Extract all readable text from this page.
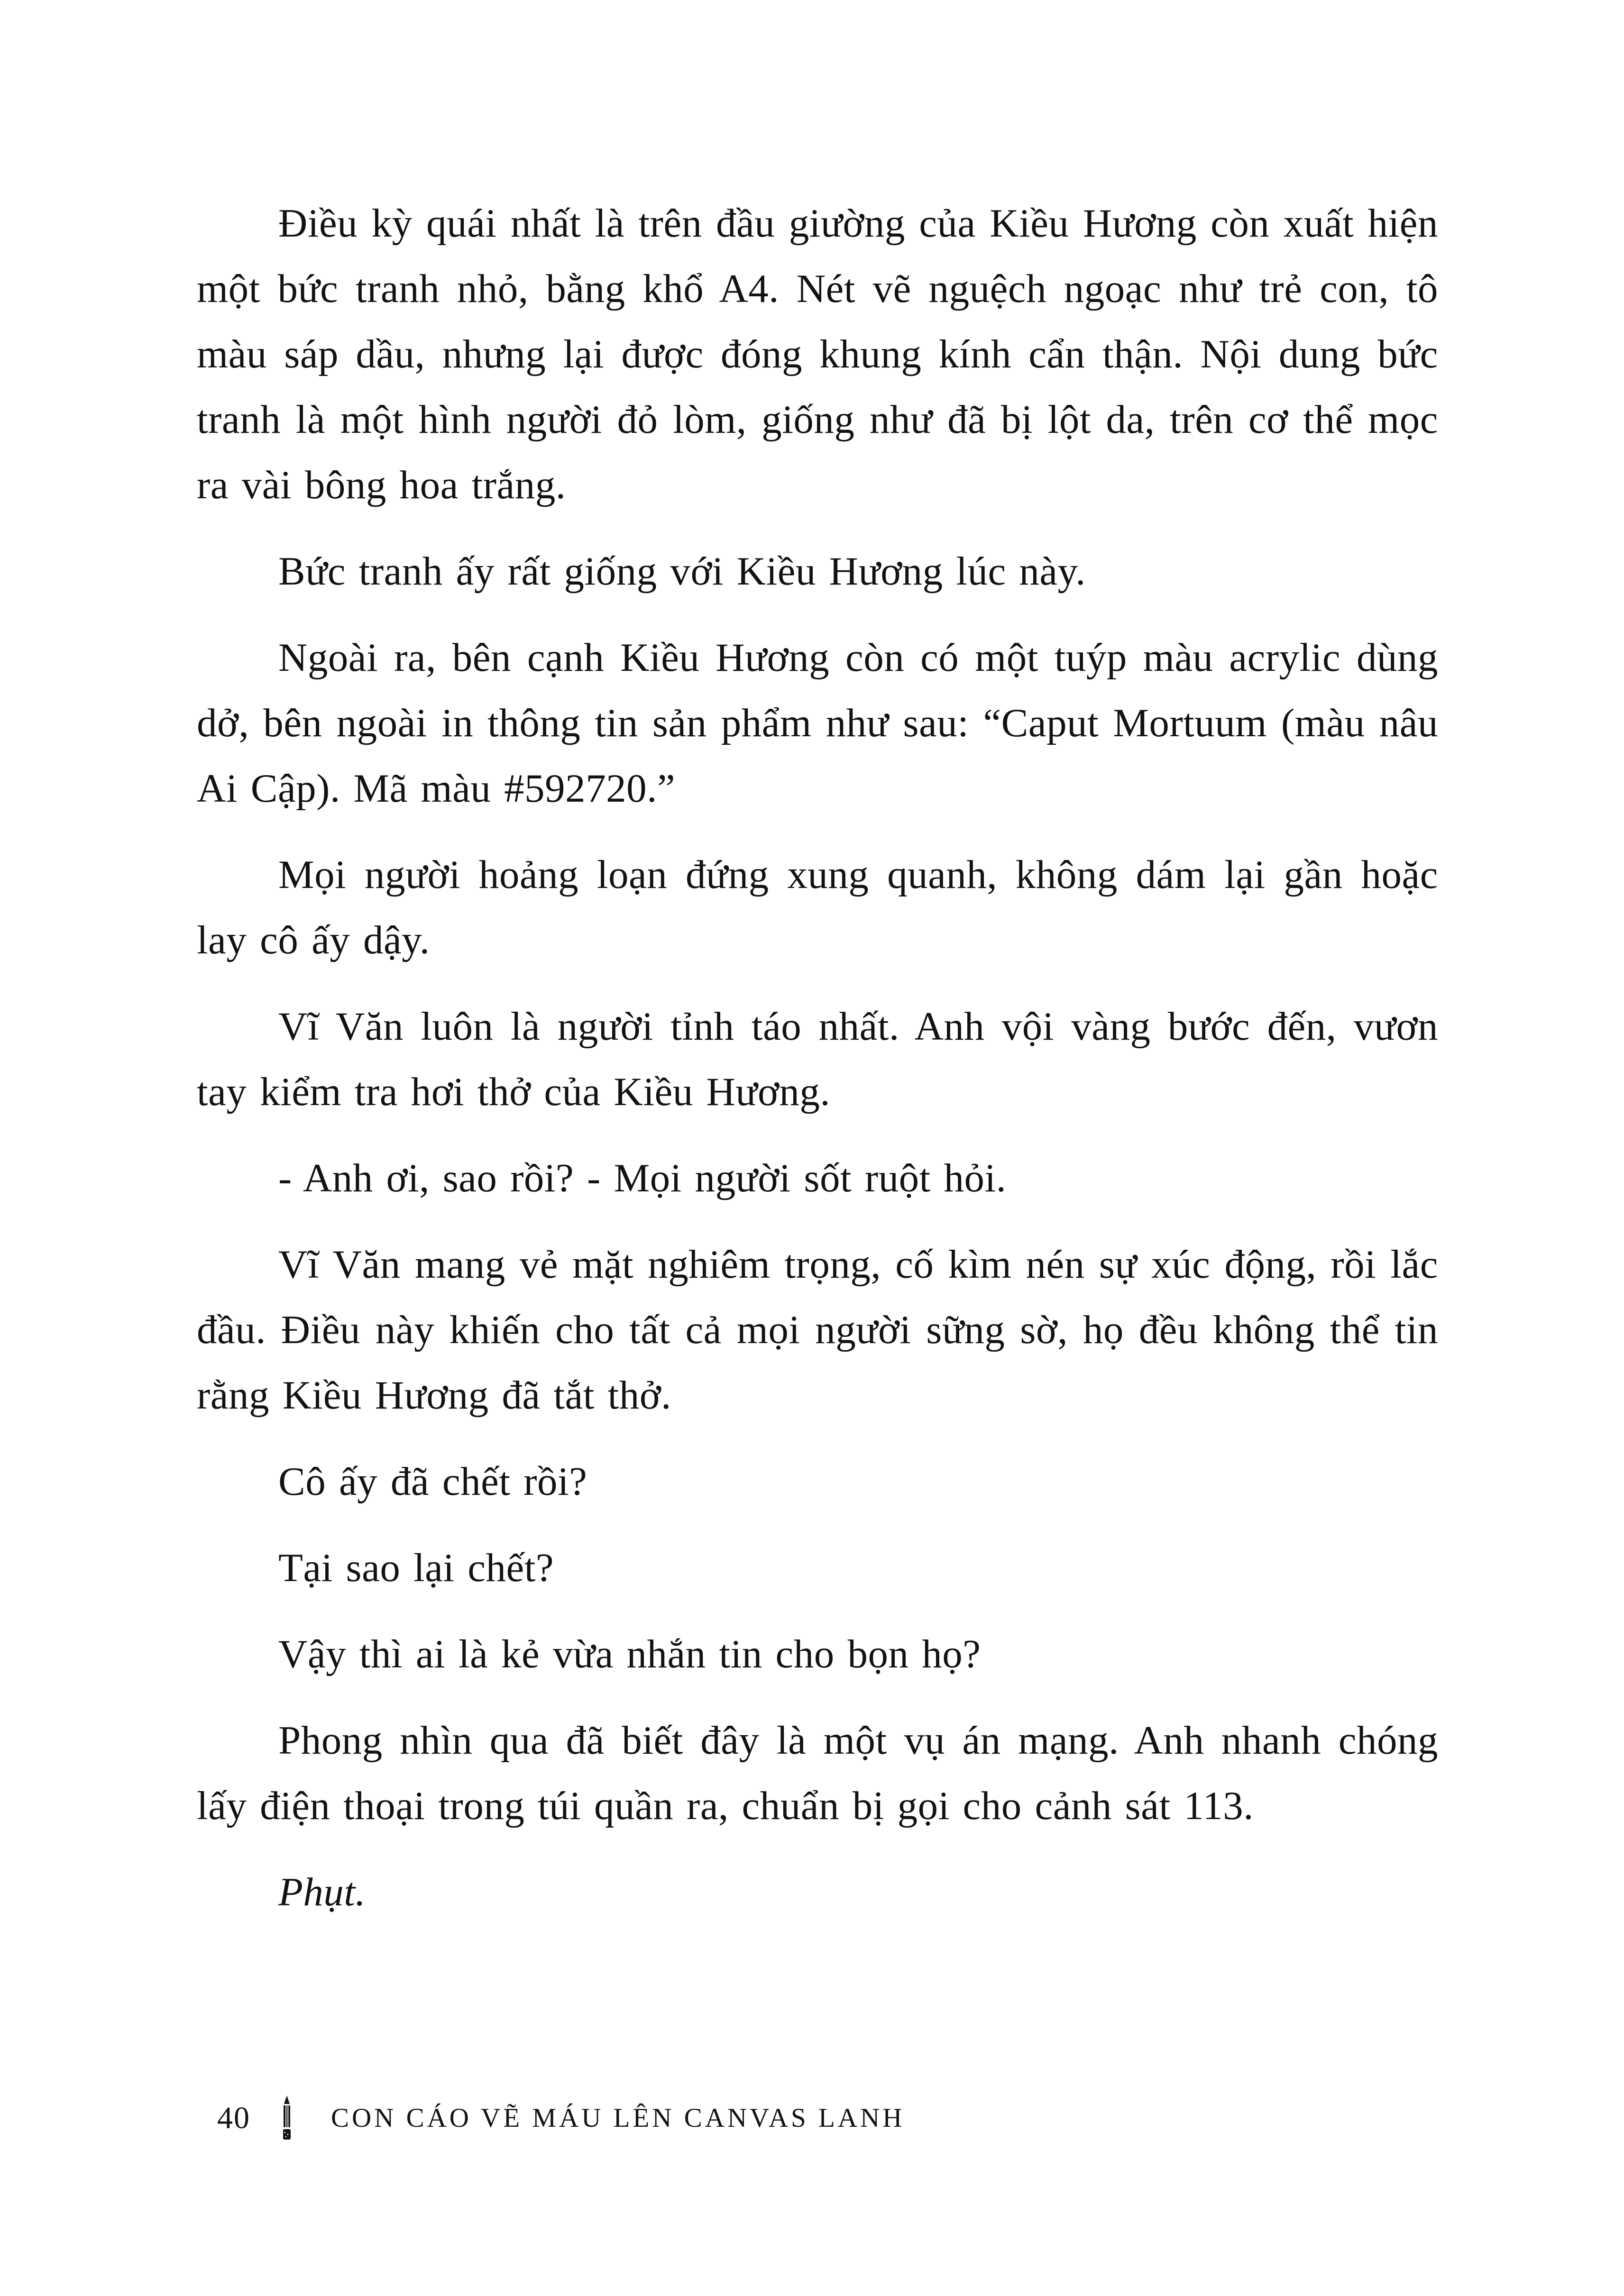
Điều kỳ quái nhất là trên đầu giường của Kiều Hương còn xuất hiện một bức tranh nhỏ, bằng khổ A4. Nét vẽ nguệch ngoạc như trẻ con, tô màu sáp dầu, nhưng lại được đóng khung kính cẩn thận. Nội dung bức tranh là một hình người đỏ lòm, giống như đã bị lột da, trên cơ thể mọc ra vài bông hoa trắng.

Bức tranh ấy rất giống với Kiều Hương lúc này.

Ngoài ra, bên cạnh Kiều Hương còn có một tuýp màu acrylic dùng dở, bên ngoài in thông tin sản phẩm như sau: “Caput Mortuum (màu nâu Ai Cập). Mã màu #592720.”

Mọi người hoảng loạn đứng xung quanh, không dám lại gần hoặc lay cô ấy dậy.

Vĩ Văn luôn là người tỉnh táo nhất. Anh vội vàng bước đến, vươn tay kiểm tra hơi thở của Kiều Hương.

- Anh ơi, sao rồi? - Mọi người sốt ruột hỏi.

Vĩ Văn mang vẻ mặt nghiêm trọng, cố kìm nén sự xúc động, rồi lắc đầu. Điều này khiến cho tất cả mọi người sững sờ, họ đều không thể tin rằng Kiều Hương đã tắt thở.

Cô ấy đã chết rồi?

Tại sao lại chết?

Vậy thì ai là kẻ vừa nhắn tin cho bọn họ?

Phong nhìn qua đã biết đây là một vụ án mạng. Anh nhanh chóng lấy điện thoại trong túi quần ra, chuẩn bị gọi cho cảnh sát 113.

Phụt.

40	CON CÁO VẼ MÁU LÊN CANVAS LANH
